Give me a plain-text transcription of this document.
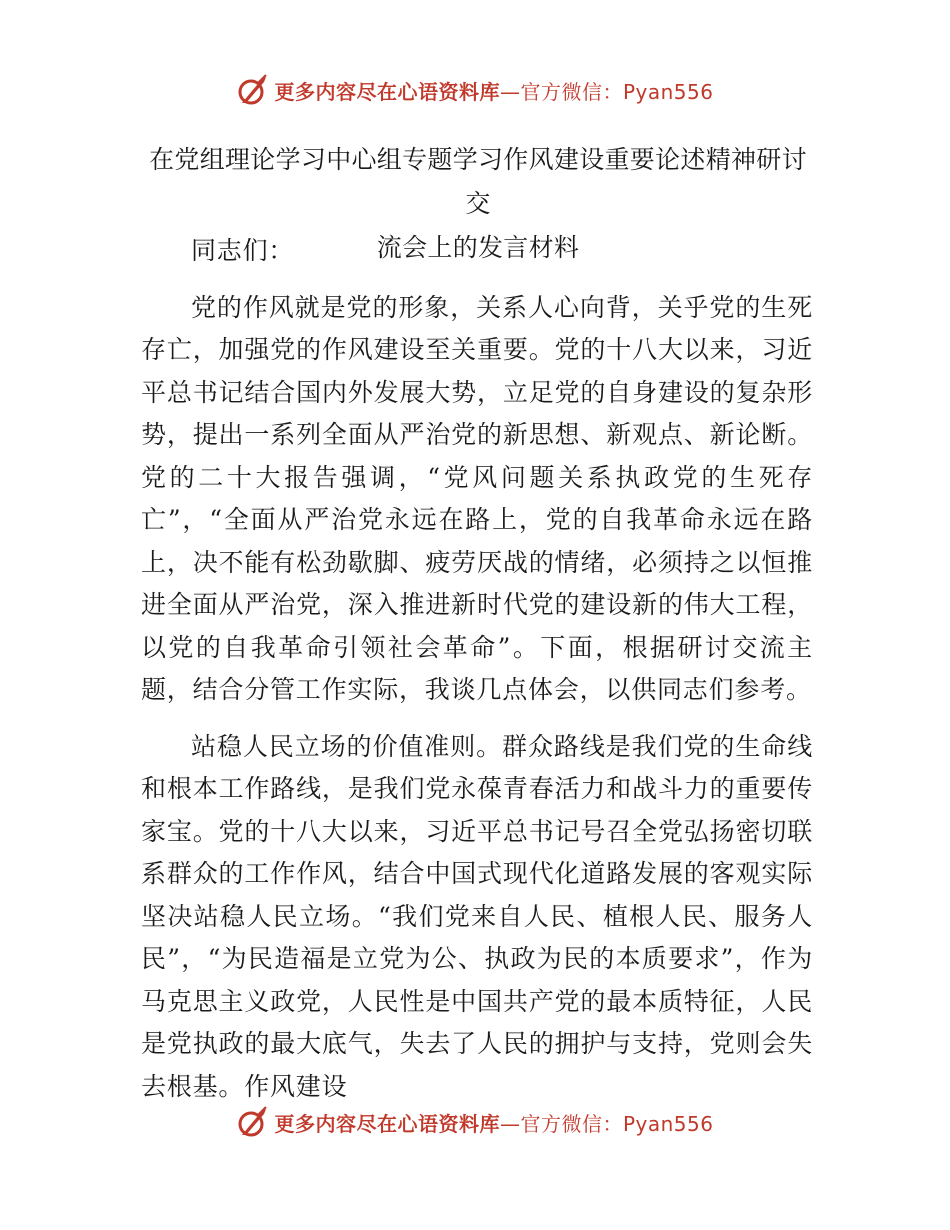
更多内容尽在心语资料库—官方微信：Pyan556
在党组理论学习中心组专题学习作风建设重要论述精神研讨交
流会上的发言材料

同志们：

党的作风就是党的形象，关系人心向背，关乎党的生死存亡，加强党的作风建设至关重要。党的十八大以来，习近平总书记结合国内外发展大势，立足党的自身建设的复杂形势，提出一系列全面从严治党的新思想、新观点、新论断。党的二十大报告强调，“党风问题关系执政党的生死存亡”，“全面从严治党永远在路上，党的自我革命永远在路上，决不能有松劲歇脚、疲劳厌战的情绪，必须持之以恒推进全面从严治党，深入推进新时代党的建设新的伟大工程，以党的自我革命引领社会革命”。下面，根据研讨交流主题，结合分管工作实际，我谈几点体会，以供同志们参考。

站稳人民立场的价值准则。群众路线是我们党的生命线和根本工作路线，是我们党永葆青春活力和战斗力的重要传家宝。党的十八大以来，习近平总书记号召全党弘扬密切联系群众的工作作风，结合中国式现代化道路发展的客观实际坚决站稳人民立场。“我们党来自人民、植根人民、服务人民”，“为民造福是立党为公、执政为民的本质要求”，作为马克思主义政党，人民性是中国共产党的最本质特征，人民是党执政的最大底气，失去了人民的拥护与支持，党则会失去根基。作风建设

更多内容尽在心语资料库—官方微信：Pyan556
